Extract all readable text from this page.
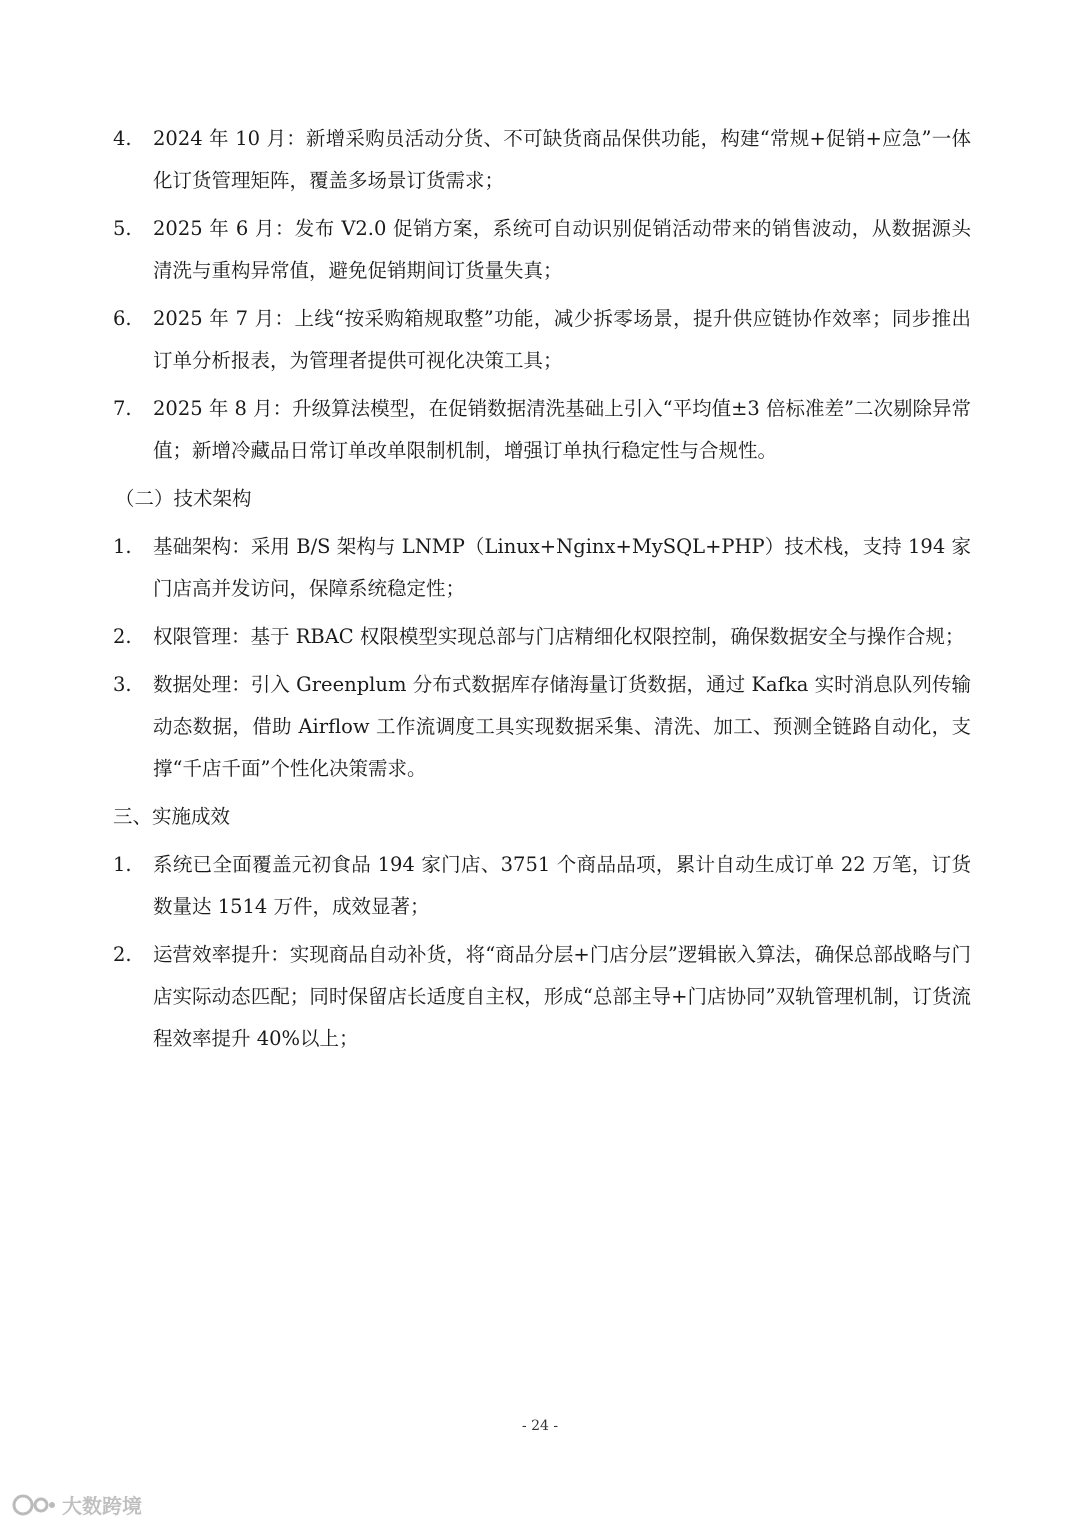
4. 2024 年 10 月：新增采购员活动分货、不可缺货商品保供功能，构建“常规+促销+应急”一体化订货管理矩阵，覆盖多场景订货需求；
5. 2025 年 6 月：发布 V2.0 促销方案，系统可自动识别促销活动带来的销售波动，从数据源头清洗与重构异常值，避免促销期间订货量失真；
6. 2025 年 7 月：上线“按采购箱规取整”功能，减少拆零场景，提升供应链协作效率；同步推出订单分析报表，为管理者提供可视化决策工具；
7. 2025 年 8 月：升级算法模型，在促销数据清洗基础上引入“平均值±3 倍标准差”二次剔除异常值；新增冷藏品日常订单改单限制机制，增强订单执行稳定性与合规性。
（二）技术架构
1. 基础架构：采用 B/S 架构与 LNMP（Linux+Nginx+MySQL+PHP）技术栈，支持 194 家门店高并发访问，保障系统稳定性；
2. 权限管理：基于 RBAC 权限模型实现总部与门店精细化权限控制，确保数据安全与操作合规；
3. 数据处理：引入 Greenplum 分布式数据库存储海量订货数据，通过 Kafka 实时消息队列传输动态数据，借助 Airflow 工作流调度工具实现数据采集、清洗、加工、预测全链路自动化，支撑“千店千面”个性化决策需求。
三、实施成效
1. 系统已全面覆盖元初食品 194 家门店、3751 个商品品项，累计自动生成订单 22 万笔，订货数量达 1514 万件，成效显著；
2. 运营效率提升：实现商品自动补货，将“商品分层+门店分层”逻辑嵌入算法，确保总部战略与门店实际动态匹配；同时保留店长适度自主权，形成“总部主导+门店协同”双轨管理机制，订货流程效率提升 40%以上；
- 24 -
大数跨境
